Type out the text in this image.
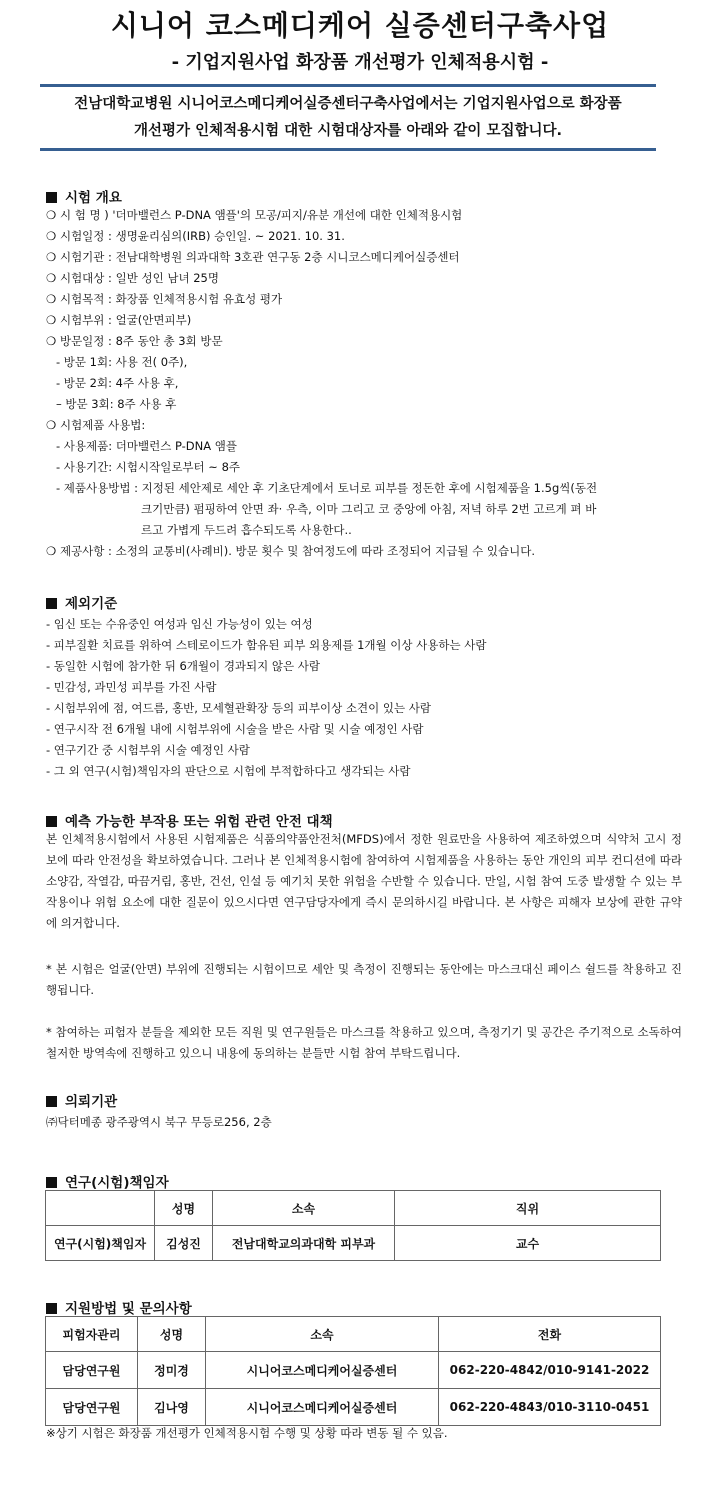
시니어 코스메디케어 실증센터구축사업
- 기업지원사업 화장품 개선평가 인체적용시험 -
전남대학교병원 시니어코스메디케어실증센터구축사업에서는 기업지원사업으로 화장품
개선평가 인체적용시험 대한 시험대상자를 아래와 같이 모집합니다.
시험 개요
❍ 시 험 명 ) '더마밸런스 P-DNA 앰플'의 모공/피지/유분 개선에 대한 인체적용시험
❍ 시험일정 : 생명윤리심의(IRB) 승인일. ~ 2021. 10. 31.
❍ 시험기관 : 전남대학병원 의과대학 3호관 연구동 2층 시니코스메디케어실증센터
❍ 시험대상 : 일반 성인 남녀 25명
❍ 시험목적 : 화장품 인체적용시험 유효성 평가
❍ 시험부위 : 얼굴(안면피부)
❍ 방문일정 : 8주 동안 총 3회 방문
- 방문 1회: 사용 전( 0주),
- 방문 2회: 4주 사용 후,
– 방문 3회: 8주 사용 후
❍ 시험제품 사용법:
- 사용제품: 더마밸런스 P-DNA 앰플
- 사용기간: 시험시작일로부터 ~ 8주
- 제품사용방법 : 지정된 세안제로 세안 후 기초단계에서 토너로 피부를 정돈한 후에 시험제품을 1.5g씩(동전
크기만큼) 펌핑하여 안면 좌· 우측, 이마 그리고 코 중앙에 아침, 저녁 하루 2번 고르게 펴 바
르고 가볍게 두드려 흡수되도록 사용한다..
❍ 제공사항 : 소정의 교통비(사례비). 방문 횟수 및 참여정도에 따라 조정되어 지급될 수 있습니다.
제외기준
- 임신 또는 수유중인 여성과 임신 가능성이 있는 여성
- 피부질환 치료를 위하여 스테로이드가 함유된 피부 외용제를 1개월 이상 사용하는 사람
- 동일한 시험에 참가한 뒤 6개월이 경과되지 않은 사람
- 민감성, 과민성 피부를 가진 사람
- 시험부위에 점, 여드름, 홍반, 모세혈관확장 등의 피부이상 소견이 있는 사람
- 연구시작 전 6개월 내에 시험부위에 시술을 받은 사람 및 시술 예정인 사람
- 연구기간 중 시험부위 시술 예정인 사람
- 그 외 연구(시험)책임자의 판단으로 시험에 부적합하다고 생각되는 사람
예측 가능한 부작용 또는 위험 관련 안전 대책
본 인체적용시험에서 사용된 시험제품은 식품의약품안전처(MFDS)에서 정한 원료만을 사용하여 제조하였으며 식약처 고시 정보에 따라 안전성을 확보하였습니다. 그러나 본 인체적용시험에 참여하여 시험제품을 사용하는 동안 개인의 피부 컨디션에 따라 소양감, 작열감, 따끔거림, 홍반, 건선, 인설 등 예기치 못한 위험을 수반할 수 있습니다. 만일, 시험 참여 도중 발생할 수 있는 부작용이나 위험 요소에 대한 질문이 있으시다면 연구담당자에게 즉시 문의하시길 바랍니다. 본 사항은 피해자 보상에 관한 규약에 의거합니다.
* 본 시험은 얼굴(안면) 부위에 진행되는 시험이므로 세안 및 측정이 진행되는 동안에는 마스크대신 페이스 쉴드를 착용하고 진행됩니다.
* 참여하는 피험자 분들을 제외한 모든 직원 및 연구원들은 마스크를 착용하고 있으며, 측정기기 및 공간은 주기적으로 소독하여 철저한 방역속에 진행하고 있으니 내용에 동의하는 분들만 시험 참여 부탁드립니다.
의뢰기관
㈜닥터메종 광주광역시 북구 무등로256, 2층
연구(시험)책임자
	성명	소속	직위
연구(시험)책임자	김성진	전남대학교의과대학 피부과	교수
지원방법 및 문의사항
피험자관리	성명	소속	전화
담당연구원	정미경	시니어코스메디케어실증센터	062-220-4842/010-9141-2022
담당연구원	김나영	시니어코스메디케어실증센터	062-220-4843/010-3110-0451
※상기 시험은 화장품 개선평가 인체적용시험 수행 및 상황 따라 변동 될 수 있음.
